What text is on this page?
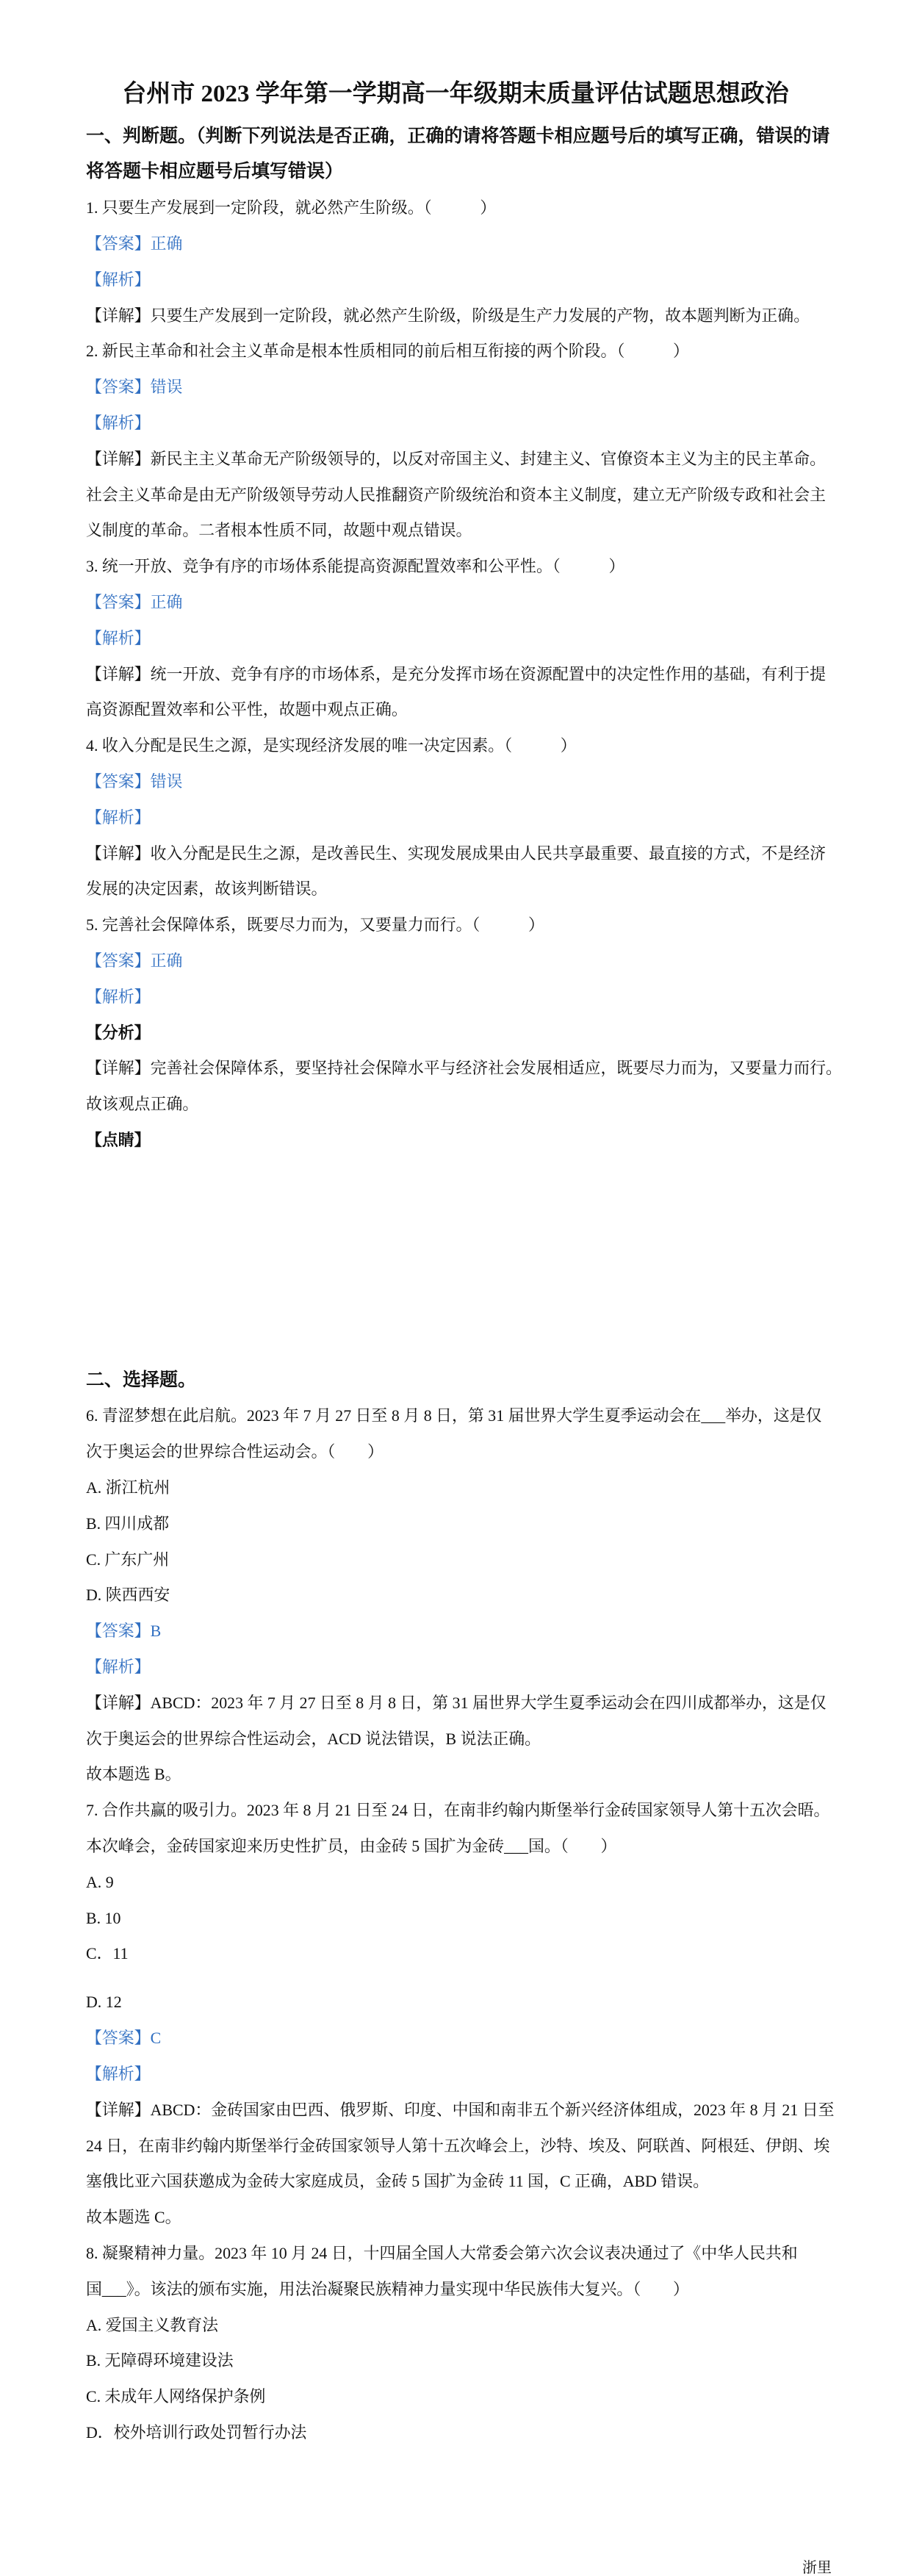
台州市 2023 学年第一学期高一年级期末质量评估试题思想政治
一、判断题。（判断下列说法是否正确，正确的请将答题卡相应题号后的填写正确，错误的请
将答题卡相应题号后填写错误）
1. 只要生产发展到一定阶段，就必然产生阶级。（　　　）
【答案】正确
【解析】
【详解】只要生产发展到一定阶段，就必然产生阶级，阶级是生产力发展的产物，故本题判断为正确。
2. 新民主革命和社会主义革命是根本性质相同的前后相互衔接的两个阶段。（　　　）
【答案】错误
【解析】
【详解】新民主主义革命无产阶级领导的，以反对帝国主义、封建主义、官僚资本主义为主的民主革命。
社会主义革命是由无产阶级领导劳动人民推翻资产阶级统治和资本主义制度，建立无产阶级专政和社会主
义制度的革命。二者根本性质不同，故题中观点错误。
3. 统一开放、竞争有序的市场体系能提高资源配置效率和公平性。（　　　）
【答案】正确
【解析】
【详解】统一开放、竞争有序的市场体系，是充分发挥市场在资源配置中的决定性作用的基础，有利于提
高资源配置效率和公平性，故题中观点正确。
4. 收入分配是民生之源，是实现经济发展的唯一决定因素。（　　　）
【答案】错误
【解析】
【详解】收入分配是民生之源，是改善民生、实现发展成果由人民共享最重要、最直接的方式，不是经济
发展的决定因素，故该判断错误。
5. 完善社会保障体系，既要尽力而为，又要量力而行。（　　　）
【答案】正确
【解析】
【分析】
【详解】完善社会保障体系，要坚持社会保障水平与经济社会发展相适应，既要尽力而为，又要量力而行。
故该观点正确。
【点睛】
二、选择题。
6. 青涩梦想在此启航。2023 年 7 月 27 日至 8 月 8 日，第 31 届世界大学生夏季运动会在___举办，这是仅
次于奥运会的世界综合性运动会。（　　）
A. 浙江杭州
B. 四川成都
C. 广东广州
D. 陕西西安
【答案】B
【解析】
【详解】ABCD：2023 年 7 月 27 日至 8 月 8 日，第 31 届世界大学生夏季运动会在四川成都举办，这是仅
次于奥运会的世界综合性运动会，ACD 说法错误，B 说法正确。
故本题选 B。
7. 合作共赢的吸引力。2023 年 8 月 21 日至 24 日，在南非约翰内斯堡举行金砖国家领导人第十五次会晤。
本次峰会，金砖国家迎来历史性扩员，由金砖 5 国扩为金砖___国。（　　）
A. 9
B. 10
C．11
D. 12
【答案】C
【解析】
【详解】ABCD：金砖国家由巴西、俄罗斯、印度、中国和南非五个新兴经济体组成，2023 年 8 月 21 日至
24 日，在南非约翰内斯堡举行金砖国家领导人第十五次峰会上，沙特、埃及、阿联酋、阿根廷、伊朗、埃
塞俄比亚六国获邀成为金砖大家庭成员，金砖 5 国扩为金砖 11 国，C 正确，ABD 错误。
故本题选 C。
8. 凝聚精神力量。2023 年 10 月 24 日，十四届全国人大常委会第六次会议表决通过了《中华人民共和
国___》。该法的颁布实施，用法治凝聚民族精神力量实现中华民族伟大复兴。（　　）
A. 爱国主义教育法
B. 无障碍环境建设法
C. 未成年人网络保护条例
D．校外培训行政处罚暂行办法
浙里
